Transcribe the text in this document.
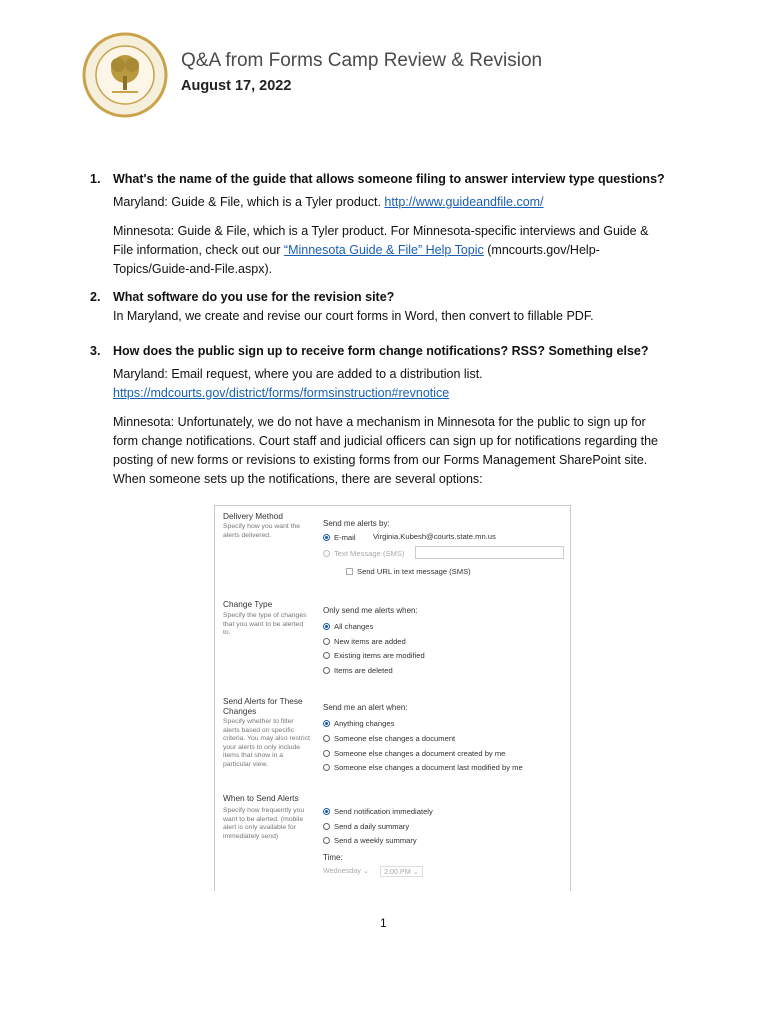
Q&A from Forms Camp Review & Revision
August 17, 2022
1. What's the name of the guide that allows someone filing to answer interview type questions?
Maryland: Guide & File, which is a Tyler product. http://www.guideandfile.com/
Minnesota: Guide & File, which is a Tyler product. For Minnesota-specific interviews and Guide &
File information, check out our “Minnesota Guide & File” Help Topic (mncourts.gov/Help-
Topics/Guide-and-File.aspx).
2. What software do you use for the revision site?
In Maryland, we create and revise our court forms in Word, then convert to fillable PDF.
3. How does the public sign up to receive form change notifications? RSS? Something else?
Maryland: Email request, where you are added to a distribution list.
https://mdcourts.gov/district/forms/formsinstruction#revnotice
Minnesota: Unfortunately, we do not have a mechanism in Minnesota for the public to sign up for
form change notifications. Court staff and judicial officers can sign up for notifications regarding the
posting of new forms or revisions to existing forms from our Forms Management SharePoint site.
When someone sets up the notifications, there are several options:
Delivery Method
Specify how you want the alerts delivered.
Send me alerts by:
E-mail Virginia.Kubesh@courts.state.mn.us
Text Message (SMS)
Send URL in text message (SMS)
Change Type
Specify the type of changes that you want to be alerted to.
Only send me alerts when:
All changes
New items are added
Existing items are modified
Items are deleted
Send Alerts for These Changes
Specify whether to filter alerts based on specific criteria. You may also restrict your alerts to only include items that show in a particular view.
Send me an alert when:
Anything changes
Someone else changes a document
Someone else changes a document created by me
Someone else changes a document last modified by me
When to Send Alerts
Specify how frequently you want to be alerted. (mobile alert is only available for immediately send)
Send notification immediately
Send a daily summary
Send a weekly summary
Time:
Wednesday ⌄	2:00 PM ⌄
1
